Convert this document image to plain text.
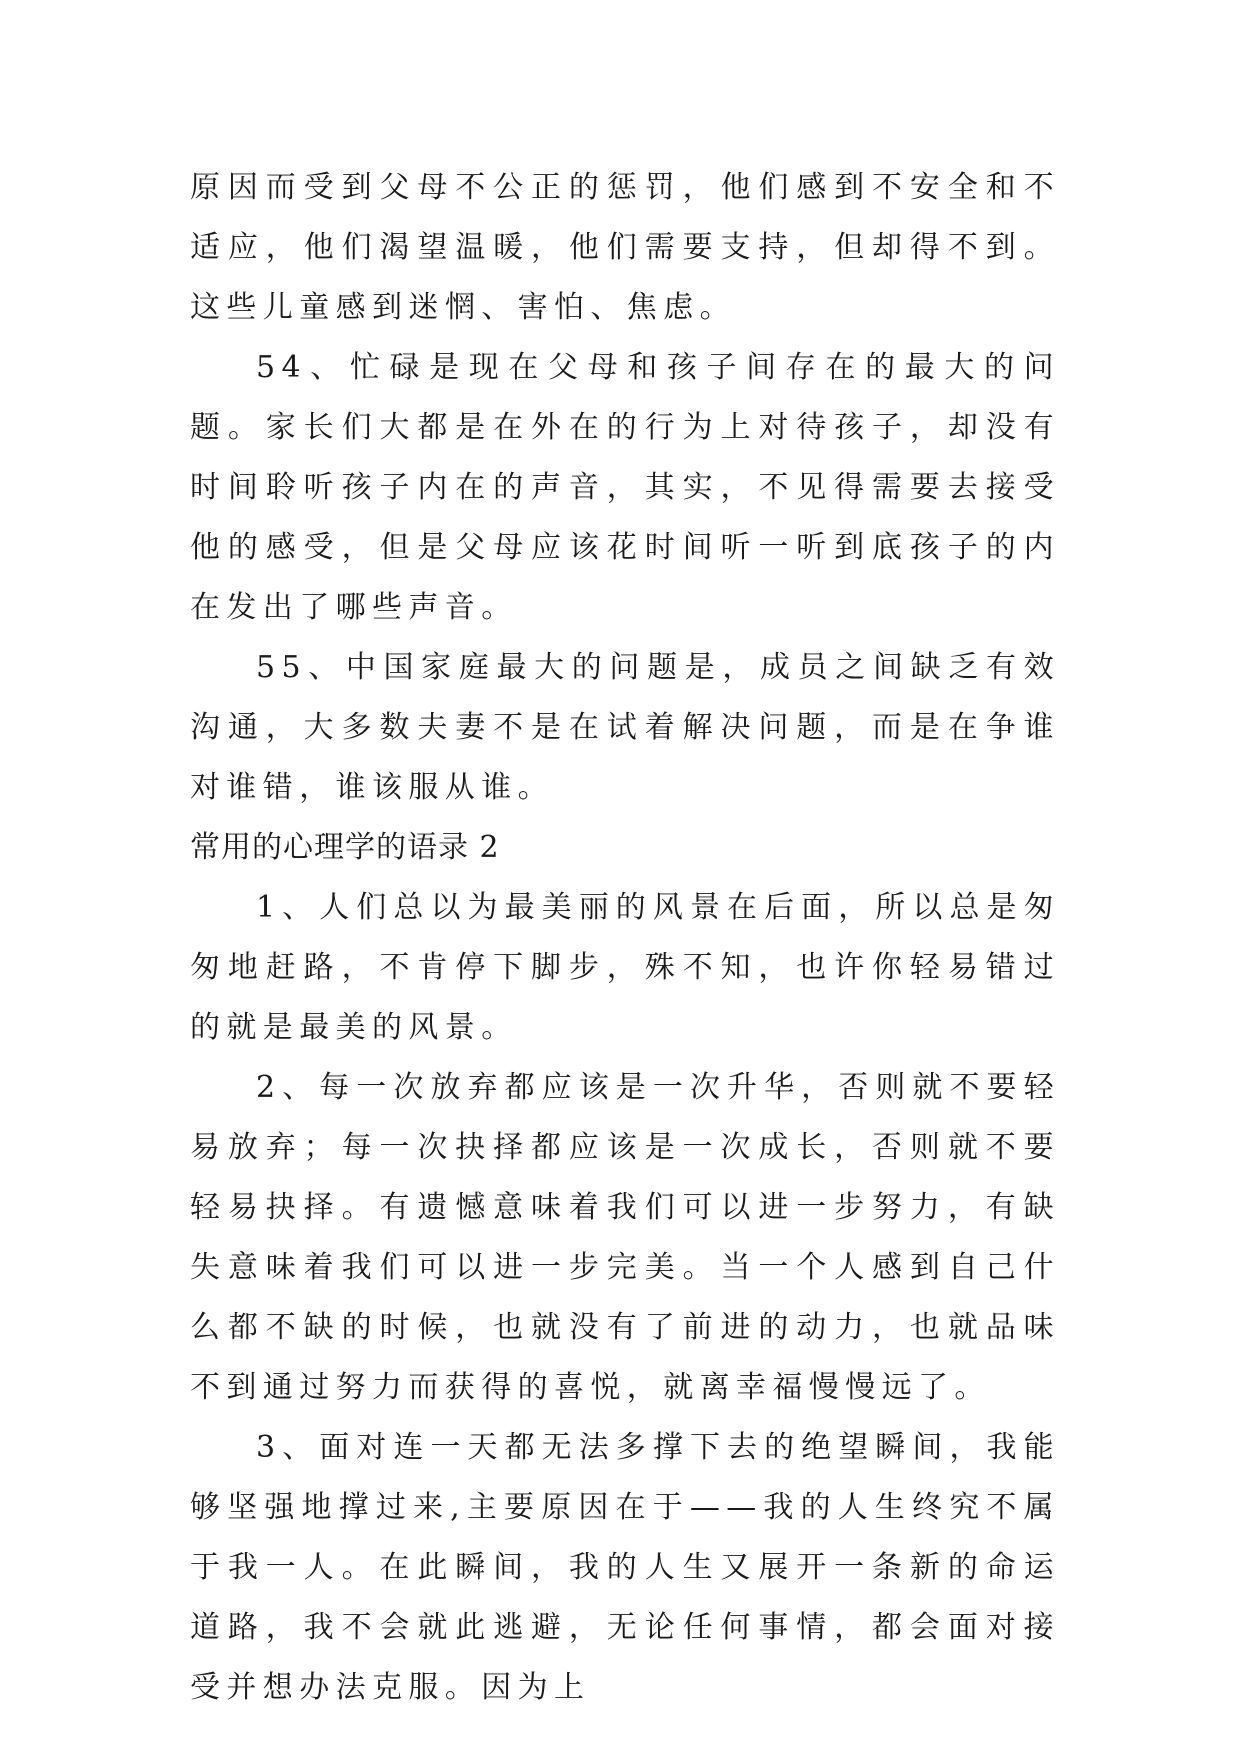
原因而受到父母不公正的惩罚，他们感到不安全和不适应，他们渴望温暖，他们需要支持，但却得不到。这些儿童感到迷惘、害怕、焦虑。

54、忙碌是现在父母和孩子间存在的最大的问题。家长们大都是在外在的行为上对待孩子，却没有时间聆听孩子内在的声音，其实，不见得需要去接受他的感受，但是父母应该花时间听一听到底孩子的内在发出了哪些声音。

55、中国家庭最大的问题是，成员之间缺乏有效沟通，大多数夫妻不是在试着解决问题，而是在争谁对谁错，谁该服从谁。

常用的心理学的语录 2

1、人们总以为最美丽的风景在后面，所以总是匆匆地赶路，不肯停下脚步，殊不知，也许你轻易错过的就是最美的风景。

2、每一次放弃都应该是一次升华，否则就不要轻易放弃；每一次抉择都应该是一次成长，否则就不要轻易抉择。有遗憾意味着我们可以进一步努力，有缺失意味着我们可以进一步完美。当一个人感到自己什么都不缺的时候，也就没有了前进的动力，也就品味不到通过努力而获得的喜悦，就离幸福慢慢远了。

3、面对连一天都无法多撑下去的绝望瞬间，我能够坚强地撑过来,主要原因在于——我的人生终究不属于我一人。在此瞬间，我的人生又展开一条新的命运道路，我不会就此逃避，无论任何事情，都会面对接受并想办法克服。因为上
